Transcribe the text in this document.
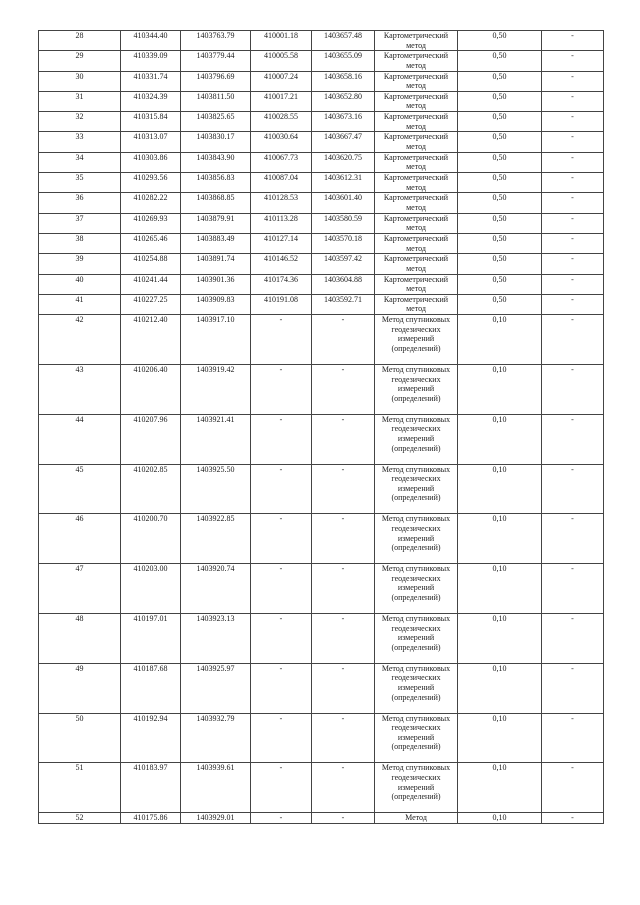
28	410344.40	1403763.79	410001.18	1403657.48	Картометрический метод	0,50	-
29	410339.09	1403779.44	410005.58	1403655.09	Картометрический метод	0,50	-
30	410331.74	1403796.69	410007.24	1403658.16	Картометрический метод	0,50	-
31	410324.39	1403811.50	410017.21	1403652.80	Картометрический метод	0,50	-
32	410315.84	1403825.65	410028.55	1403673.16	Картометрический метод	0,50	-
33	410313.07	1403830.17	410030.64	1403667.47	Картометрический метод	0,50	-
34	410303.86	1403843.90	410067.73	1403620.75	Картометрический метод	0,50	-
35	410293.56	1403856.83	410087.04	1403612.31	Картометрический метод	0,50	-
36	410282.22	1403868.85	410128.53	1403601.40	Картометрический метод	0,50	-
37	410269.93	1403879.91	410113.28	1403580.59	Картометрический метод	0,50	-
38	410265.46	1403883.49	410127.14	1403570.18	Картометрический метод	0,50	-
39	410254.88	1403891.74	410146.52	1403597.42	Картометрический метод	0,50	-
40	410241.44	1403901.36	410174.36	1403604.88	Картометрический метод	0,50	-
41	410227.25	1403909.83	410191.08	1403592.71	Картометрический метод	0,50	-
42	410212.40	1403917.10	-	-	Метод спутниковых геодезических измерений (определений)	0,10	-
43	410206.40	1403919.42	-	-	Метод спутниковых геодезических измерений (определений)	0,10	-
44	410207.96	1403921.41	-	-	Метод спутниковых геодезических измерений (определений)	0,10	-
45	410202.85	1403925.50	-	-	Метод спутниковых геодезических измерений (определений)	0,10	-
46	410200.70	1403922.85	-	-	Метод спутниковых геодезических измерений (определений)	0,10	-
47	410203.00	1403920.74	-	-	Метод спутниковых геодезических измерений (определений)	0,10	-
48	410197.01	1403923.13	-	-	Метод спутниковых геодезических измерений (определений)	0,10	-
49	410187.68	1403925.97	-	-	Метод спутниковых геодезических измерений (определений)	0,10	-
50	410192.94	1403932.79	-	-	Метод спутниковых геодезических измерений (определений)	0,10	-
51	410183.97	1403939.61	-	-	Метод спутниковых геодезических измерений (определений)	0,10	-
52	410175.86	1403929.01	-	-	Метод	0,10	-
